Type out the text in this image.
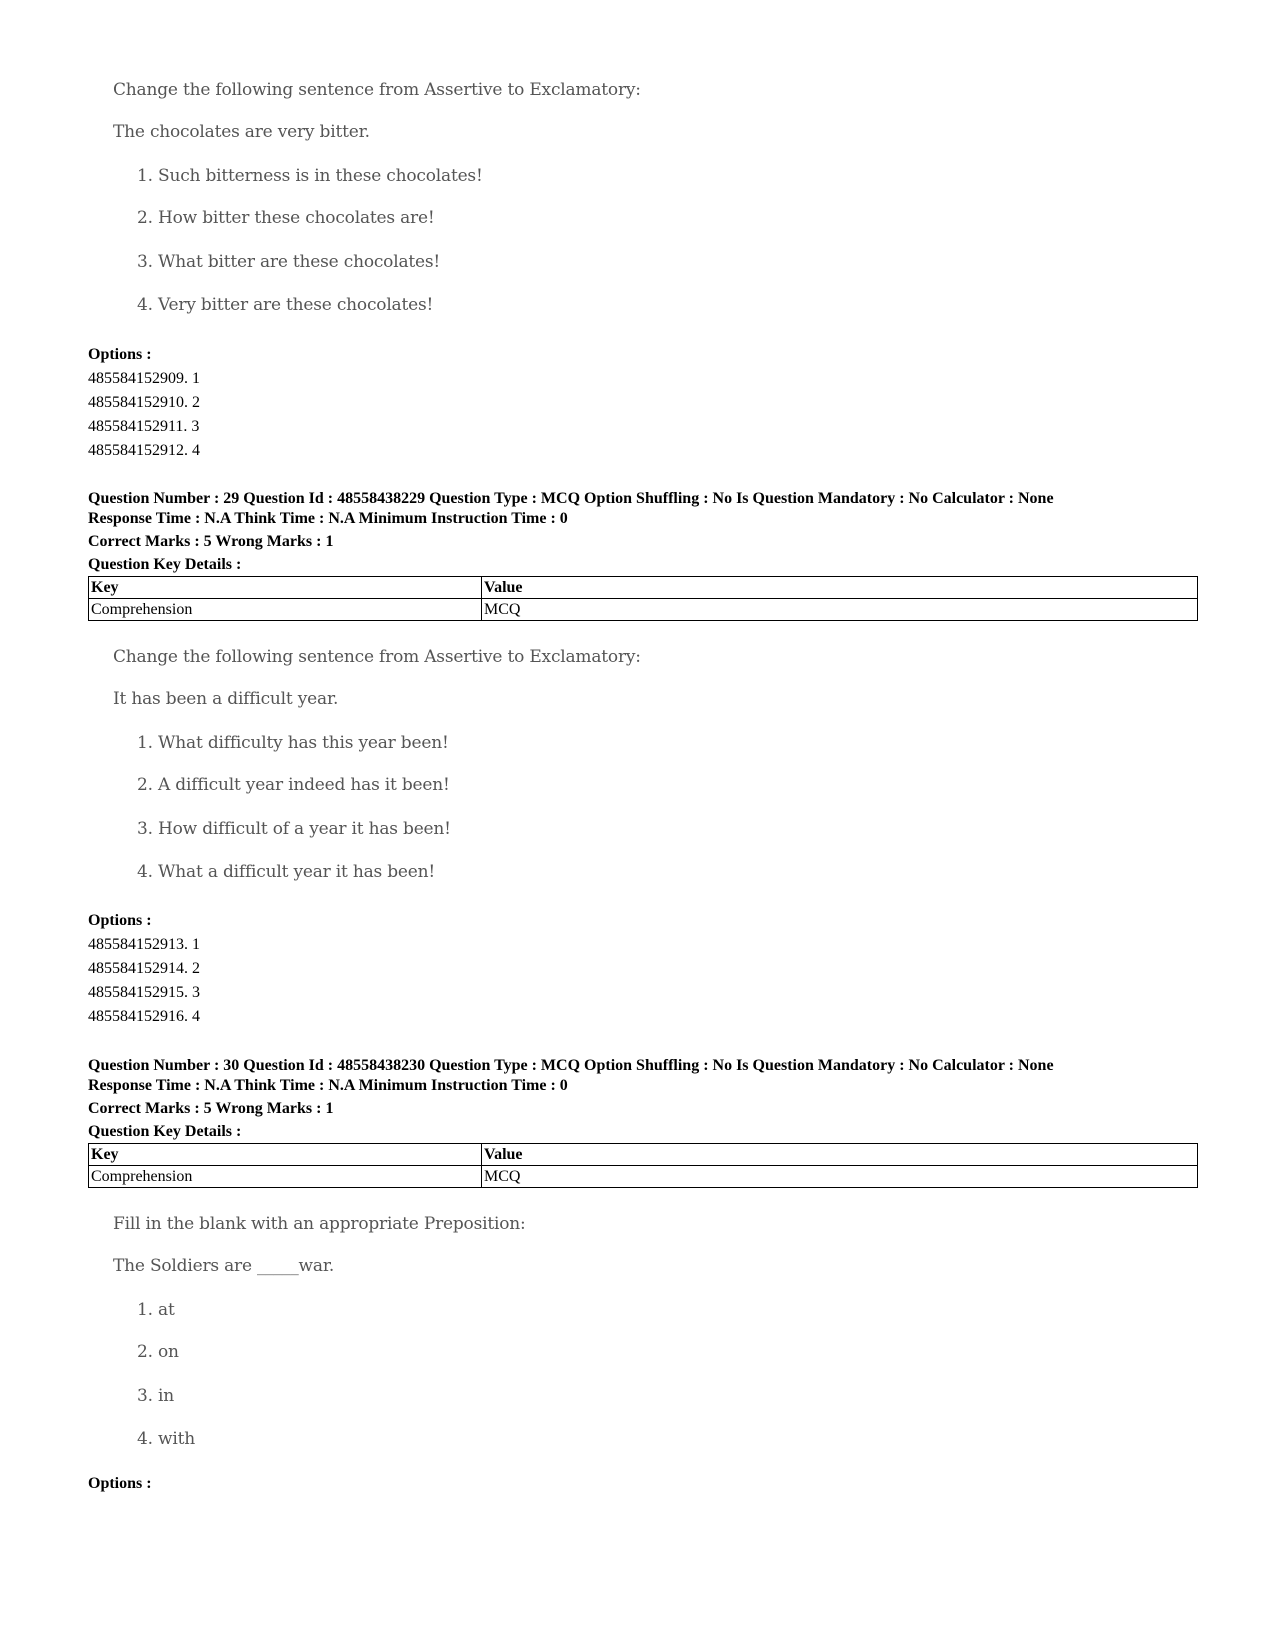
Change the following sentence from Assertive to Exclamatory:
The chocolates are very bitter.
1. Such bitterness is in these chocolates!
2. How bitter these chocolates are!
3. What bitter are these chocolates!
4. Very bitter are these chocolates!
Options :
485584152909. 1
485584152910. 2
485584152911. 3
485584152912. 4
Question Number : 29 Question Id : 48558438229 Question Type : MCQ Option Shuffling : No Is Question Mandatory : No Calculator : None
Response Time : N.A Think Time : N.A Minimum Instruction Time : 0
Correct Marks : 5 Wrong Marks : 1
Question Key Details :
Key	Value
Comprehension	MCQ
Change the following sentence from Assertive to Exclamatory:
It has been a difficult year.
1. What difficulty has this year been!
2. A difficult year indeed has it been!
3. How difficult of a year it has been!
4. What a difficult year it has been!
Options :
485584152913. 1
485584152914. 2
485584152915. 3
485584152916. 4
Question Number : 30 Question Id : 48558438230 Question Type : MCQ Option Shuffling : No Is Question Mandatory : No Calculator : None
Response Time : N.A Think Time : N.A Minimum Instruction Time : 0
Correct Marks : 5 Wrong Marks : 1
Question Key Details :
Key	Value
Comprehension	MCQ
Fill in the blank with an appropriate Preposition:
The Soldiers are _____war.
1. at
2. on
3. in
4. with
Options :
